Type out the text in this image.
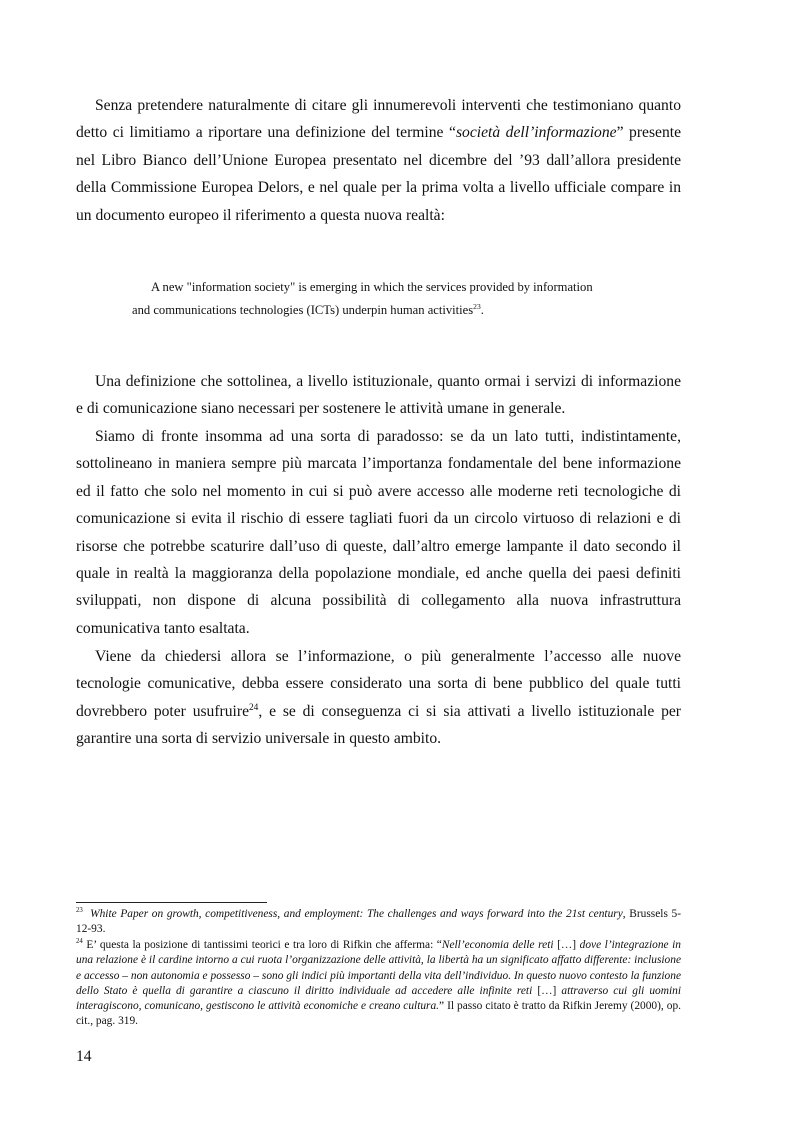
Senza pretendere naturalmente di citare gli innumerevoli interventi che testimoniano quanto detto ci limitiamo a riportare una definizione del termine “società dell’informazione” presente nel Libro Bianco dell’Unione Europea presentato nel dicembre del ’93 dall’allora presidente della Commissione Europea Delors, e nel quale per la prima volta a livello ufficiale compare in un documento europeo il riferimento a questa nuova realtà:

A new "information society" is emerging in which the services provided by information
and communications technologies (ICTs) underpin human activities$^{23}$.

Una definizione che sottolinea, a livello istituzionale, quanto ormai i servizi di informazione e di comunicazione siano necessari per sostenere le attività umane in generale.

Siamo di fronte insomma ad una sorta di paradosso: se da un lato tutti, indistintamente, sottolineano in maniera sempre più marcata l’importanza fondamentale del bene informazione ed il fatto che solo nel momento in cui si può avere accesso alle moderne reti tecnologiche di comunicazione si evita il rischio di essere tagliati fuori da un circolo virtuoso di relazioni e di risorse che potrebbe scaturire dall’uso di queste, dall’altro emerge lampante il dato secondo il quale in realtà la maggioranza della popolazione mondiale, ed anche quella dei paesi definiti sviluppati, non dispone di alcuna possibilità di collegamento alla nuova infrastruttura comunicativa tanto esaltata.

Viene da chiedersi allora se l’informazione, o più generalmente l’accesso alle nuove tecnologie comunicative, debba essere considerato una sorta di bene pubblico del quale tutti dovrebbero poter usufruire$^{24}$, e se di conseguenza ci si sia attivati a livello istituzionale per garantire una sorta di servizio universale in questo ambito.

$^{23}$ White Paper on growth, competitiveness, and employment: The challenges and ways forward into the 21st century, Brussels 5-12-93.

$^{24}$ E’ questa la posizione di tantissimi teorici e tra loro di Rifkin che afferma: “Nell’economia delle reti […] dove l’integrazione in una relazione è il cardine intorno a cui ruota l’organizzazione delle attività, la libertà ha un significato affatto differente: inclusione e accesso – non autonomia e possesso – sono gli indici più importanti della vita dell’individuo. In questo nuovo contesto la funzione dello Stato è quella di garantire a ciascuno il diritto individuale ad accedere alle infinite reti […] attraverso cui gli uomini interagiscono, comunicano, gestiscono le attività economiche e creano cultura.” Il passo citato è tratto da Rifkin Jeremy (2000), op. cit., pag. 319.

14
